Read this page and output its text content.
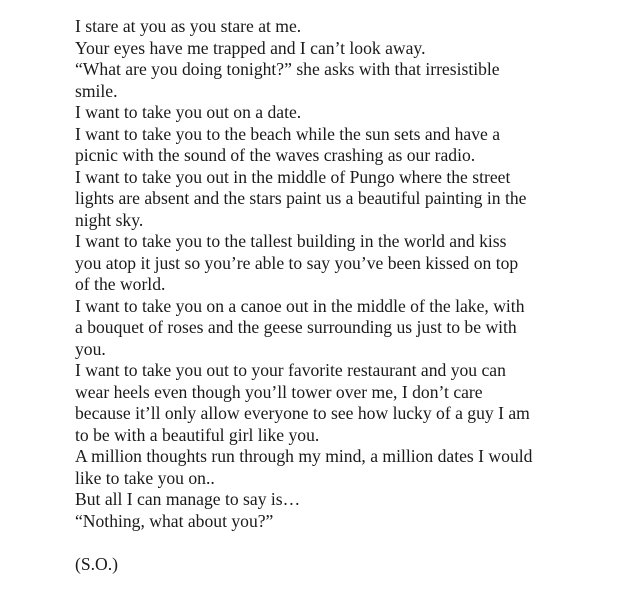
I stare at you as you stare at me.
Your eyes have me trapped and I can’t look away.
“What are you doing tonight?” she asks with that irresistible
smile.
I want to take you out on a date.
I want to take you to the beach while the sun sets and have a
picnic with the sound of the waves crashing as our radio.
I want to take you out in the middle of Pungo where the street
lights are absent and the stars paint us a beautiful painting in the
night sky.
I want to take you to the tallest building in the world and kiss
you atop it just so you’re able to say you’ve been kissed on top
of the world.
I want to take you on a canoe out in the middle of the lake, with
a bouquet of roses and the geese surrounding us just to be with
you.
I want to take you out to your favorite restaurant and you can
wear heels even though you’ll tower over me, I don’t care
because it’ll only allow everyone to see how lucky of a guy I am
to be with a beautiful girl like you.
A million thoughts run through my mind, a million dates I would
like to take you on..
But all I can manage to say is…
“Nothing, what about you?”
(S.O.)
